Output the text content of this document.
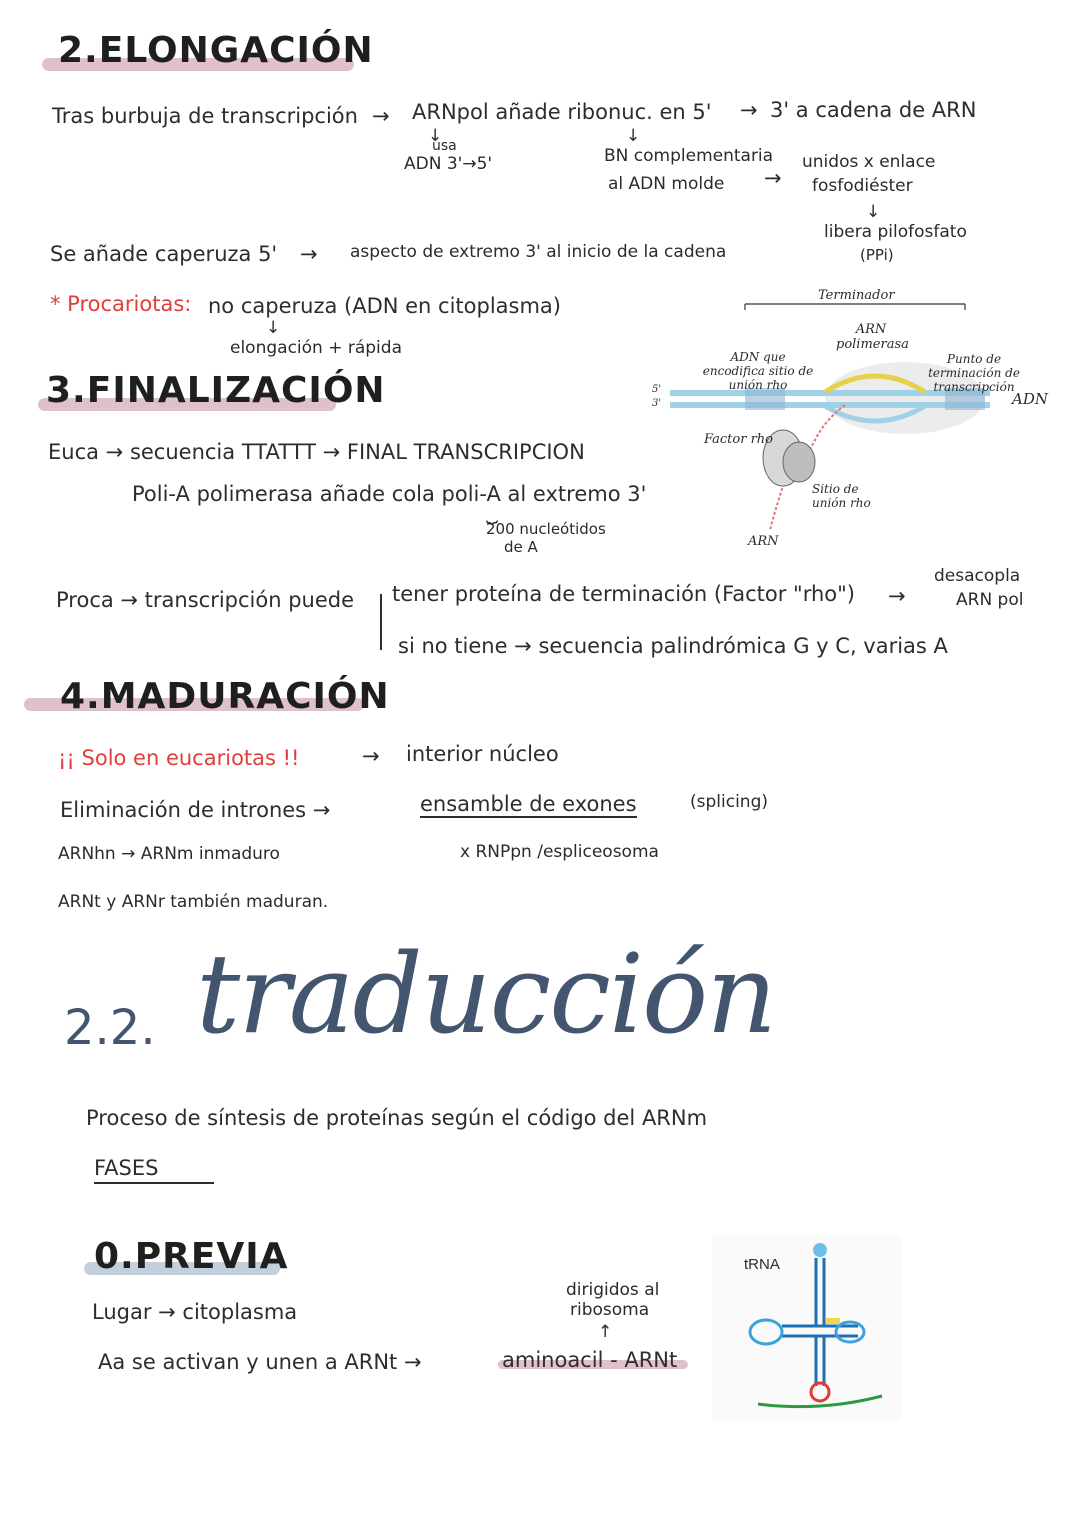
2.ELONGACIÓN
Tras burbuja de transcripción → ARNpol añade ribonuc. en 5' → 3' a cadena de ARN
↓
usa
ADN 3'→5'
↓
BN complementaria
al ADN molde →
unidos x enlace
fosfodiéster
↓
libera pilofosfato
(PPi)
Se añade caperuza 5' → aspecto de extremo 3' al inicio de la cadena
* Procariotas: no caperuza (ADN en citoplasma)
↓
elongación + rápida
3.FINALIZACIÓN
Euca → secuencia TTATTT → FINAL TRANSCRIPCION
Poli-A polimerasa añade cola poli-A al extremo 3'
⏟
200 nucleótidos
de A
Proca → transcripción puede tener proteína de terminación (Factor "rho") →
desacopla
ARN pol
si no tiene → secuencia palindrómica G y C, varias A
Terminador
ARN polimerasa
ADN que encodifica sitio de unión rho
Punto de terminación de transcripción
ADN
5'
3'
Factor rho
Sitio de unión rho
ARN
4.MADURACIÓN
¡¡ Solo en eucariotas !!	→ interior núcleo
Eliminación de intrones →	ensamble de exones	(splicing)
ARNhn → ARNm inmaduro	x RNPpn /espliceosoma
ARNt y ARNr también maduran.
2.2. traducción
Proceso de síntesis de proteínas según el código del ARNm
FASES
0.PREVIA
Lugar → citoplasma
Aa se activan y unen a ARNt →	aminoacil - ARNt
dirigidos al
ribosoma
↑
tRNA
